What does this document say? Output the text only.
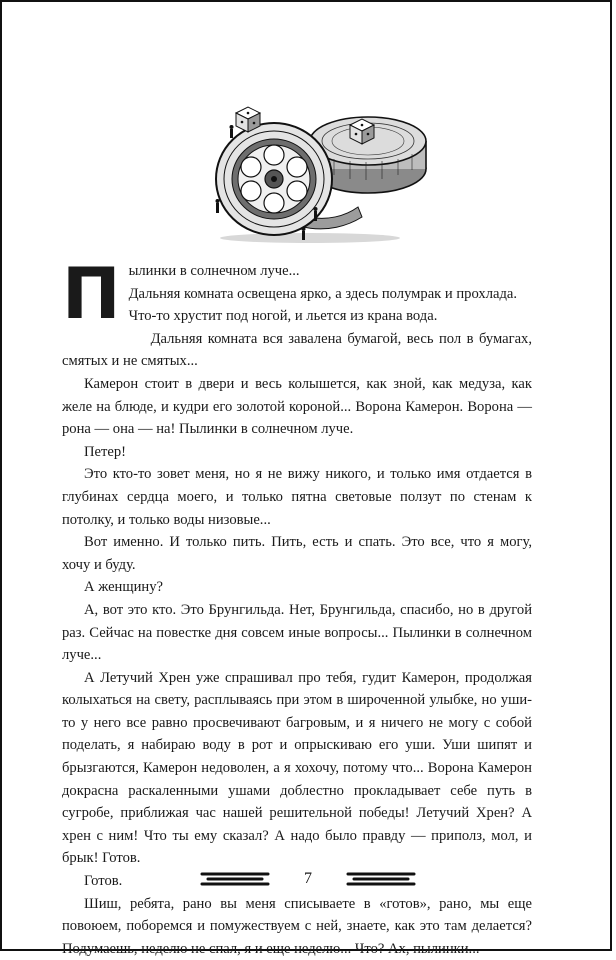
Пылинки в солнечном луче...
Дальняя комната освещена ярко, а здесь полумрак и прохлада.
Что-то хрустит под ногой, и льется из крана вода.

Дальняя комната вся завалена бумагой, весь пол в бумагах, смятых и не смятых...

Камерон стоит в двери и весь колышется, как зной, как медуза, как желе на блюде, и кудри его золотой короной... Ворона Камерон. Ворона — рона — она — на! Пылинки в солнечном луче.

Петер!

Это кто-то зовет меня, но я не вижу никого, и только имя отдается в глубинах сердца моего, и только пятна световые ползут по стенам к потолку, и только воды низовые...

Вот именно. И только пить. Пить, есть и спать. Это все, что я могу, хочу и буду.

А женщину?

А, вот это кто. Это Брунгильда. Нет, Брунгильда, спасибо, но в другой раз. Сейчас на повестке дня совсем иные вопросы... Пылинки в солнечном луче...

А Летучий Хрен уже спрашивал про тебя, гудит Камерон, продолжая колыхаться на свету, расплываясь при этом в широченной улыбке, но уши-то у него все равно просвечивают багровым, и я ничего не могу с собой поделать, я набираю воду в рот и опрыскиваю его уши. Уши шипят и брызгаются, Камерон недоволен, а я хохочу, потому что... Ворона Камерон докрасна раскаленными ушами доблестно прокладывает себе путь в сугробе, приближая час нашей решительной победы! Летучий Хрен? А хрен с ним! Что ты ему сказал? А надо было правду — приполз, мол, и брык! Готов.

Готов.

Шиш, ребята, рано вы меня списываете в «готов», рано, мы еще повоюем, поборемся и помужествуем с ней, знаете, как это там делается? Подумаешь, неделю не спал, я и еще неделю... Что? Ах, пылинки...

7
